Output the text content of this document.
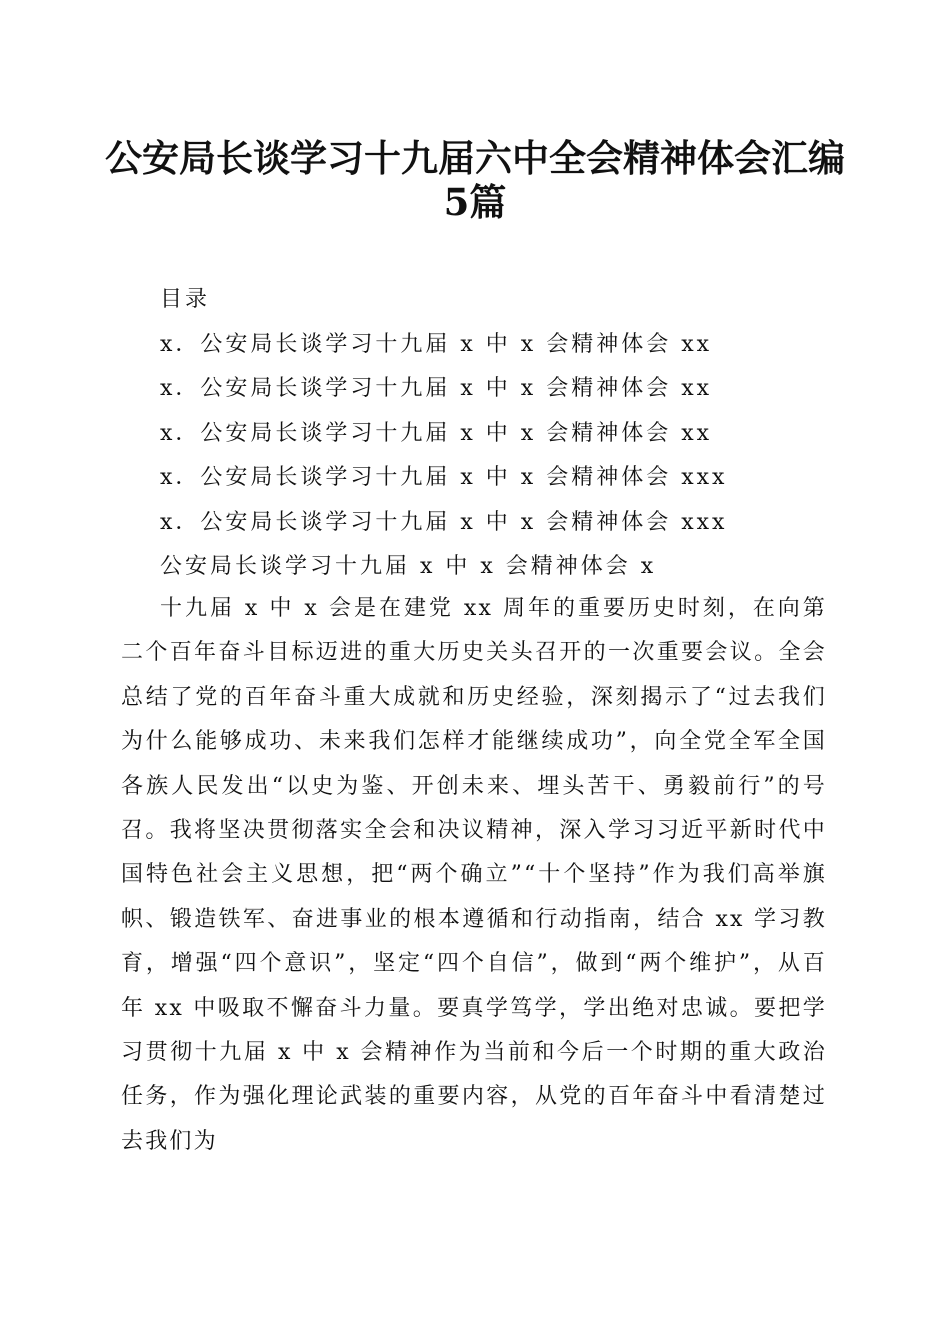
公安局长谈学习十九届六中全会精神体会汇编
5篇
目录
x．公安局长谈学习十九届 x 中 x 会精神体会 xx
x．公安局长谈学习十九届 x 中 x 会精神体会 xx
x．公安局长谈学习十九届 x 中 x 会精神体会 xx
x．公安局长谈学习十九届 x 中 x 会精神体会 xxx
x．公安局长谈学习十九届 x 中 x 会精神体会 xxx
公安局长谈学习十九届 x 中 x 会精神体会 x

十九届 x 中 x 会是在建党 xx 周年的重要历史时刻，在向第二个百年奋斗目标迈进的重大历史关头召开的一次重要会议。全会总结了党的百年奋斗重大成就和历史经验，深刻揭示了“过去我们为什么能够成功、未来我们怎样才能继续成功”，向全党全军全国各族人民发出“以史为鉴、开创未来、埋头苦干、勇毅前行”的号召。我将坚决贯彻落实全会和决议精神，深入学习习近平新时代中国特色社会主义思想，把“两个确立”“十个坚持”作为我们高举旗帜、锻造铁军、奋进事业的根本遵循和行动指南，结合 xx 学习教育，增强“四个意识”，坚定“四个自信”，做到“两个维护”，从百年 xx 中吸取不懈奋斗力量。要真学笃学，学出绝对忠诚。要把学习贯彻十九届 x 中 x 会精神作为当前和今后一个时期的重大政治任务，作为强化理论武装的重要内容，从党的百年奋斗中看清楚过去我们为
